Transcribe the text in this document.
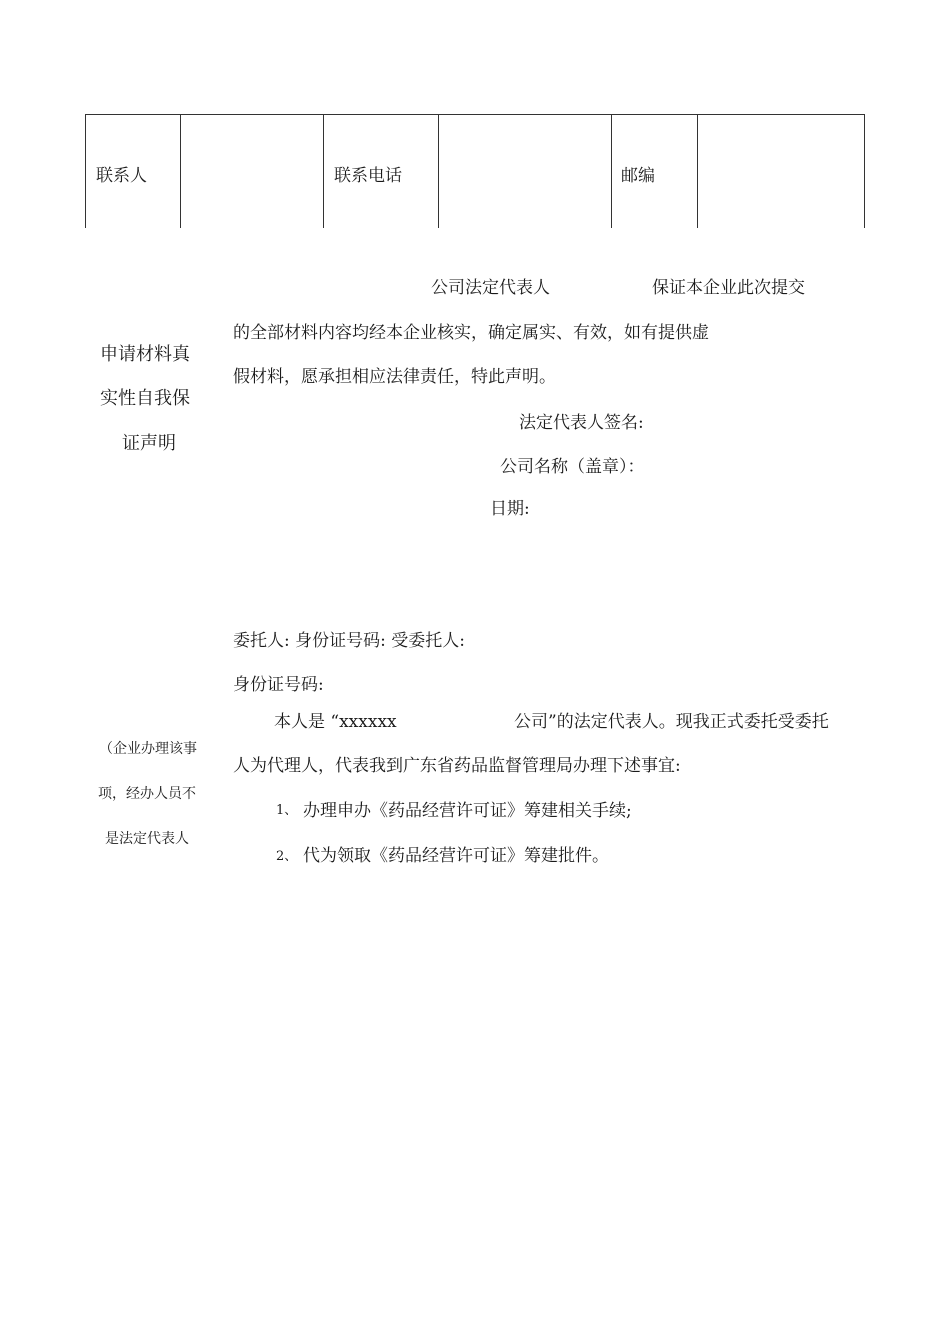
联系人	联系电话	邮编
申请材料真
实性自我保
证声明
公司法定代表人	保证本企业此次提交
的全部材料内容均经本企业核实，确定属实、有效，如有提供虚
假材料，愿承担相应法律责任，特此声明。
法定代表人签名:
公司名称（盖章）：
日期:
（企业办理该事
项，经办人员不
是法定代表人
委托人: 身份证号码: 受委托人:
身份证号码:
本人是 “xxxxxx	公司”的法定代表人。现我正式委托受委托
人为代理人，代表我到广东省药品监督管理局办理下述事宜:
1、 办理申办《药品经营许可证》筹建相关手续;
2、 代为领取《药品经营许可证》筹建批件。
